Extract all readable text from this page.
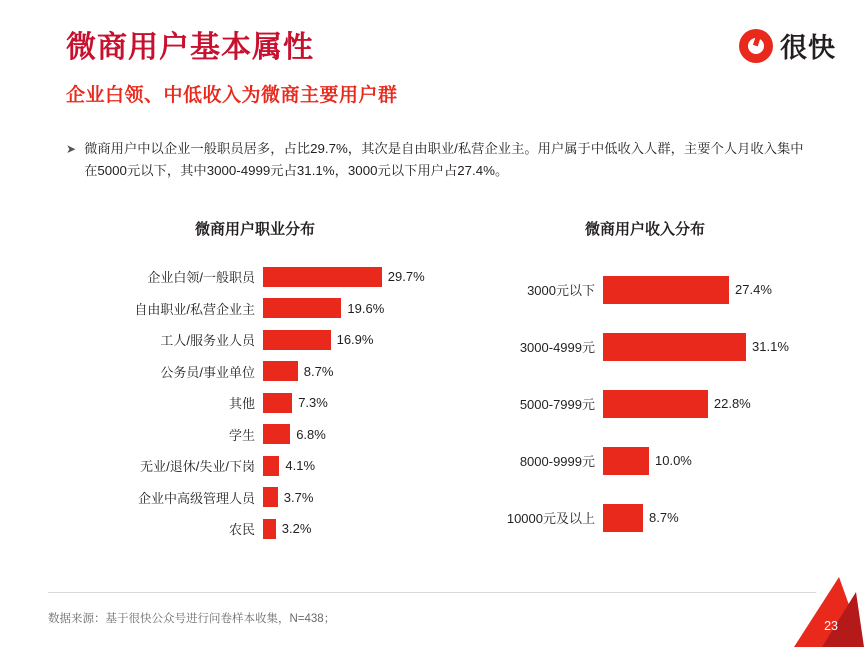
微商用户基本属性
企业白领、中低收入为微商主要用户群
很快
➤ 微商用户中以企业一般职员居多，占比29.7%，其次是自由职业/私营企业主。用户属于中低收入人群，主要个人月收入集中在5000元以下，其中3000-4999元占31.1%，3000元以下用户占27.4%。
微商用户职业分布
企业白领/一般职员	29.7%
自由职业/私营企业主	19.6%
工人/服务业人员	16.9%
公务员/事业单位	8.7%
其他	7.3%
学生	6.8%
无业/退休/失业/下岗	4.1%
企业中高级管理人员	3.7%
农民	3.2%
微商用户收入分布
3000元以下	27.4%
3000-4999元	31.1%
5000-7999元	22.8%
8000-9999元	10.0%
10000元及以上	8.7%
数据来源：基于很快公众号进行问卷样本收集，N=438；	23
